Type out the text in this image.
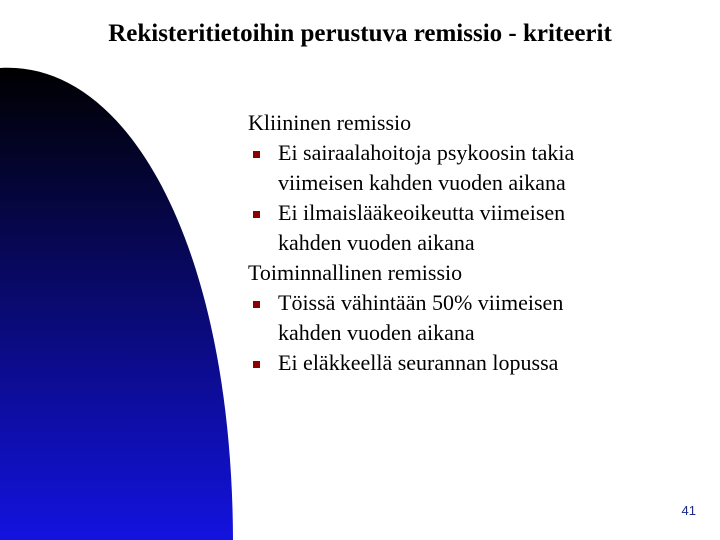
Rekisteritietoihin perustuva remissio - kriteerit
Kliininen remissio
Ei sairaalahoitoja psykoosin takia
viimeisen kahden vuoden aikana
Ei ilmaislääkeoikeutta viimeisen
kahden vuoden aikana
Toiminnallinen remissio
Töissä vähintään 50% viimeisen
kahden vuoden aikana
Ei eläkkeellä seurannan lopussa
41
